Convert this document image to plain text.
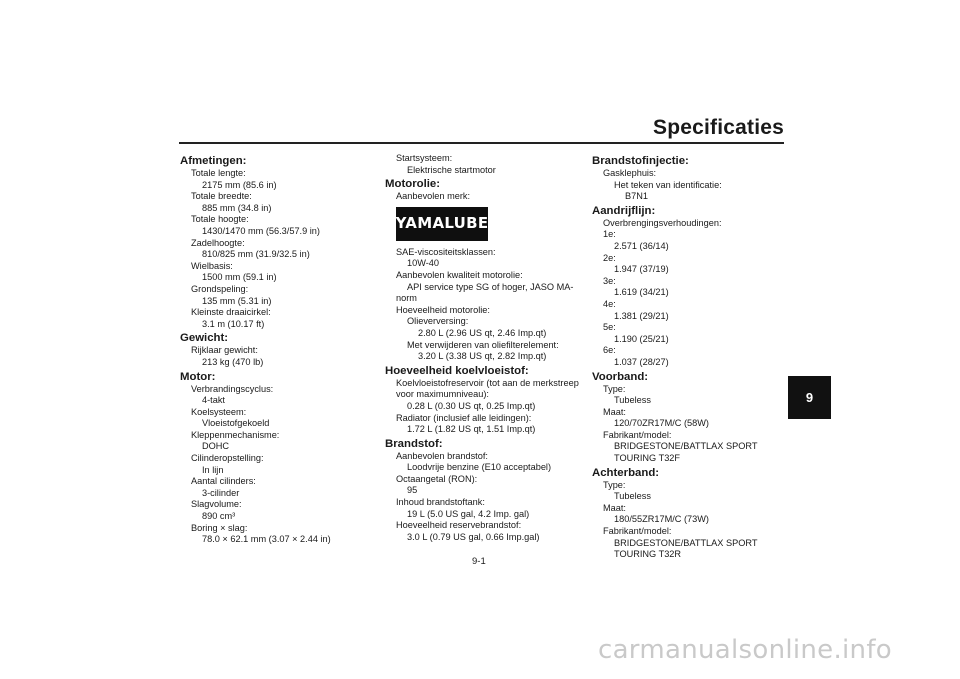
Specificaties
9
Afmetingen:
Totale lengte:
2175 mm (85.6 in)
Totale breedte:
885 mm (34.8 in)
Totale hoogte:
1430/1470 mm (56.3/57.9 in)
Zadelhoogte:
810/825 mm (31.9/32.5 in)
Wielbasis:
1500 mm (59.1 in)
Grondspeling:
135 mm (5.31 in)
Kleinste draaicirkel:
3.1 m (10.17 ft)
Gewicht:
Rijklaar gewicht:
213 kg (470 lb)
Motor:
Verbrandingscyclus:
4-takt
Koelsysteem:
Vloeistofgekoeld
Kleppenmechanisme:
DOHC
Cilinderopstelling:
In lijn
Aantal cilinders:
3-cilinder
Slagvolume:
890 cm³
Boring × slag:
78.0 × 62.1 mm (3.07 × 2.44 in)
Startsysteem:
Elektrische startmotor
Motorolie:
Aanbevolen merk:
YAMALUBE
SAE-viscositeitsklassen:
10W-40
Aanbevolen kwaliteit motorolie:
API service type SG of hoger, JASO MA-
norm
Hoeveelheid motorolie:
Olieverversing:
2.80 L (2.96 US qt, 2.46 Imp.qt)
Met verwijderen van oliefilterelement:
3.20 L (3.38 US qt, 2.82 Imp.qt)
Hoeveelheid koelvloeistof:
Koelvloeistofreservoir (tot aan de merkstreep
voor maximumniveau):
0.28 L (0.30 US qt, 0.25 Imp.qt)
Radiator (inclusief alle leidingen):
1.72 L (1.82 US qt, 1.51 Imp.qt)
Brandstof:
Aanbevolen brandstof:
Loodvrije benzine (E10 acceptabel)
Octaangetal (RON):
95
Inhoud brandstoftank:
19 L (5.0 US gal, 4.2 Imp. gal)
Hoeveelheid reservebrandstof:
3.0 L (0.79 US gal, 0.66 Imp.gal)
Brandstofinjectie:
Gasklephuis:
Het teken van identificatie:
B7N1
Aandrijflijn:
Overbrengingsverhoudingen:
1e:
2.571 (36/14)
2e:
1.947 (37/19)
3e:
1.619 (34/21)
4e:
1.381 (29/21)
5e:
1.190 (25/21)
6e:
1.037 (28/27)
Voorband:
Type:
Tubeless
Maat:
120/70ZR17M/C (58W)
Fabrikant/model:
BRIDGESTONE/BATTLAX SPORT
TOURING T32F
Achterband:
Type:
Tubeless
Maat:
180/55ZR17M/C (73W)
Fabrikant/model:
BRIDGESTONE/BATTLAX SPORT
TOURING T32R
9-1
carmanualsonline.info
